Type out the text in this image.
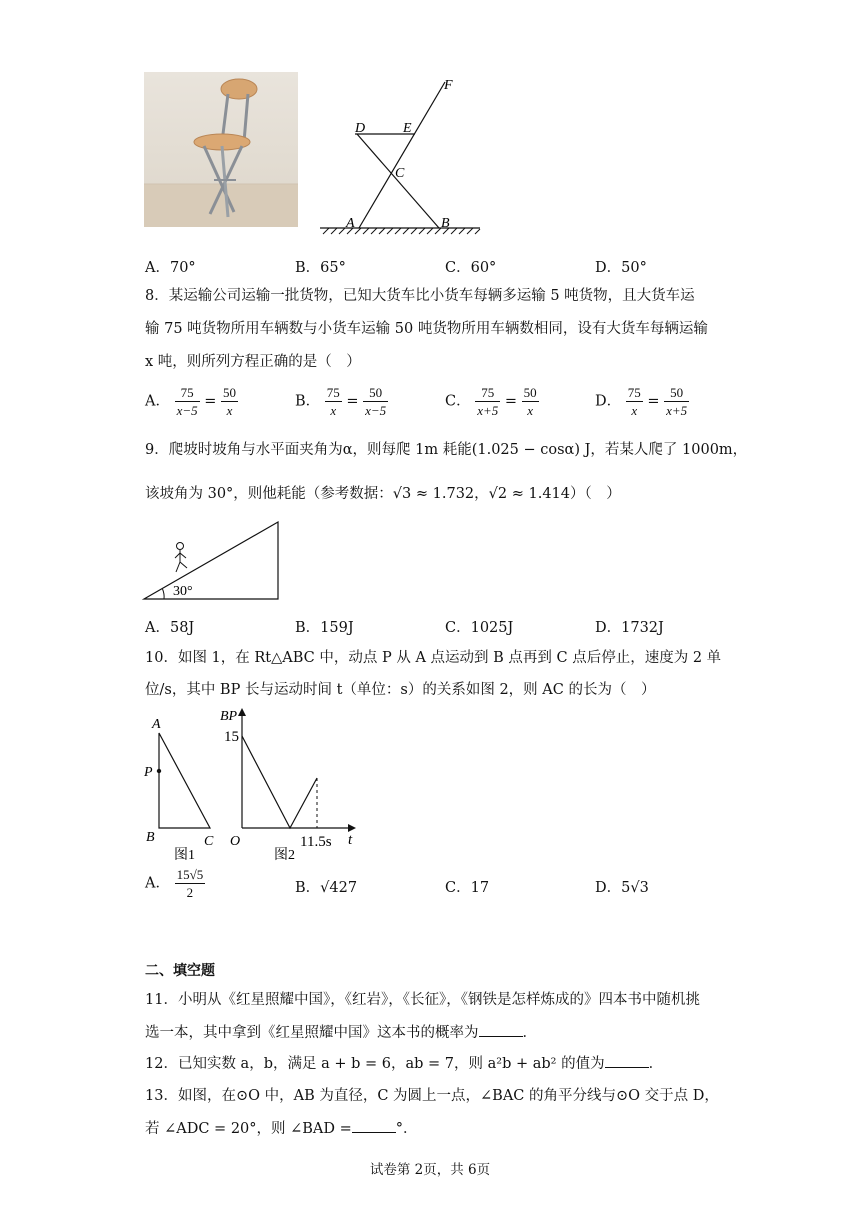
F
D	E
C
A	B
A．70°	B．65°	C．60°	D．50°
8．某运输公司运输一批货物，已知大货车比小货车每辆多运输 5 吨货物，且大货车运
输 75 吨货物所用车辆数与小货车运输 50 吨货物所用车辆数相同，设有大货车每辆运输
x 吨，则所列方程正确的是（　）
A． $\frac{75}{x-5} = \frac{50}{x}$	B． $\frac{75}{x} = \frac{50}{x-5}$	C． $\frac{75}{x+5} = \frac{50}{x}$	D． $\frac{75}{x} = \frac{50}{x+5}$
9．爬坡时坡角与水平面夹角为α，则每爬 1m 耗能(1.025 − cosα) J，若某人爬了 1000m，
该坡角为 30°，则他耗能（参考数据：√3 ≈ 1.732，√2 ≈ 1.414）（　）
30°
A．58J	B．159J	C．1025J	D．1732J
10．如图 1，在 Rt△ABC 中，动点 P 从 A 点运动到 B 点再到 C 点后停止，速度为 2 单
位/s，其中 BP 长与运动时间 t（单位：s）的关系如图 2，则 AC 的长为（　）
A
P
B	C
图1
BP
15
O	11.5s t
图2
A． $\frac{15√5}{2}$	B．√427	C．17	D．5√3
二、填空题
11．小明从《红星照耀中国》，《红岩》，《长征》，《钢铁是怎样炼成的》四本书中随机挑
选一本，其中拿到《红星照耀中国》这本书的概率为	．
12．已知实数 a，b，满足 a + b = 6，ab = 7，则 a²b + ab² 的值为	．
13．如图，在⊙O 中，AB 为直径，C 为圆上一点，∠BAC 的角平分线与⊙O 交于点 D，
若 ∠ADC = 20°，则 ∠BAD =	°．
试卷第 2页，共 6页
